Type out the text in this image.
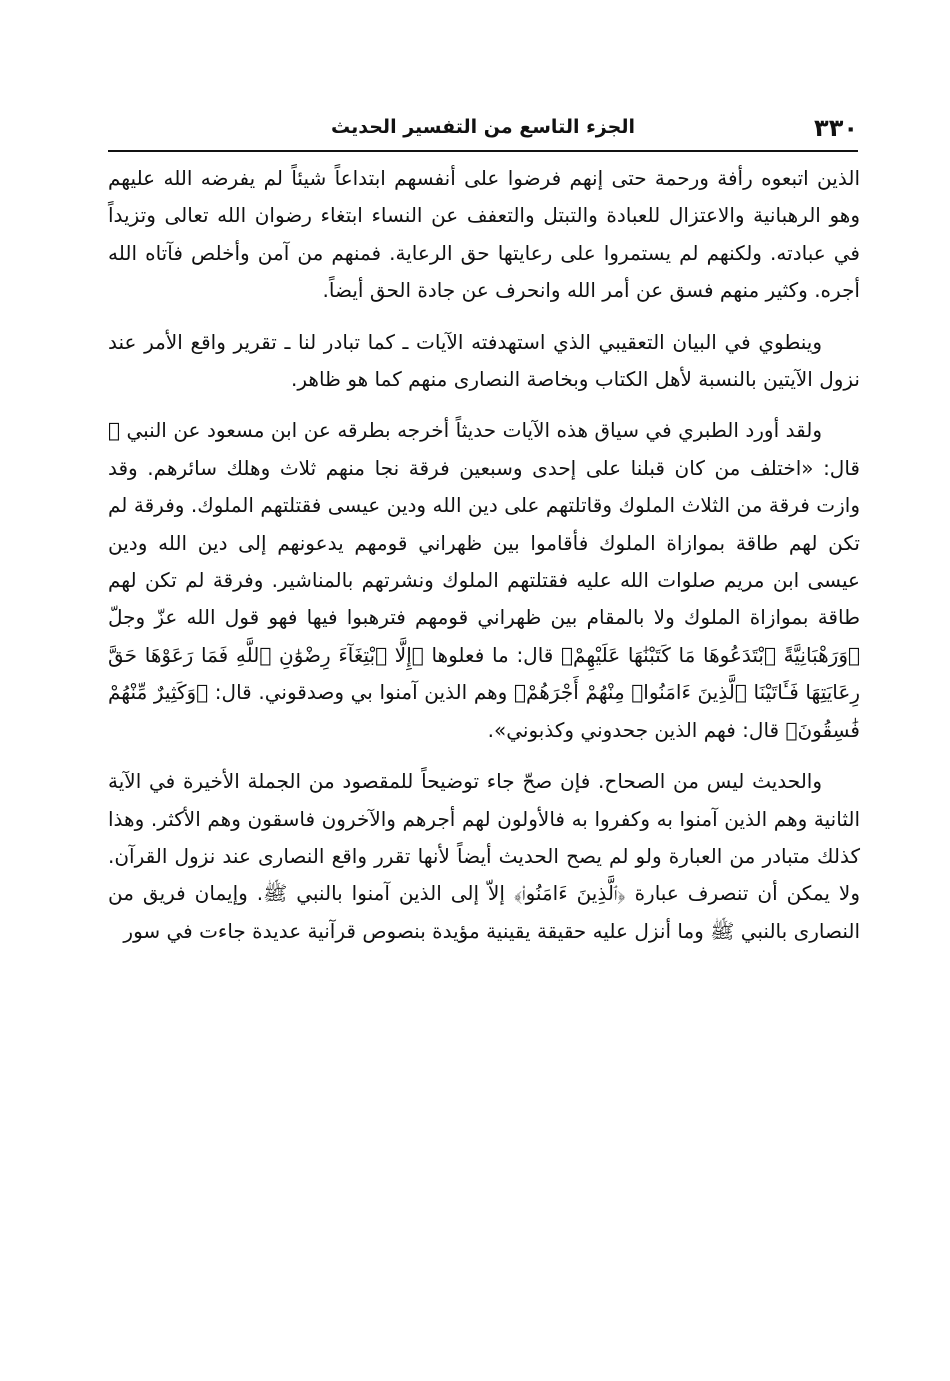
الجزء التاسع من التفسير الحديث	٣٣٠

الذين اتبعوه رأفة ورحمة حتى إنهم فرضوا على أنفسهم ابتداعاً شيئاً لم يفرضه الله عليهم وهو الرهبانية والاعتزال للعبادة والتبتل والتعفف عن النساء ابتغاء رضوان الله تعالى وتزيداً في عبادته. ولكنهم لم يستمروا على رعايتها حق الرعاية. فمنهم من آمن وأخلص فآتاه الله أجره. وكثير منهم فسق عن أمر الله وانحرف عن جادة الحق أيضاً.

وينطوي في البيان التعقيبي الذي استهدفته الآيات ـ كما تبادر لنا ـ تقرير واقع الأمر عند نزول الآيتين بالنسبة لأهل الكتاب وبخاصة النصارى منهم كما هو ظاهر.

ولقد أورد الطبري في سياق هذه الآيات حديثاً أخرجه بطرقه عن ابن مسعود عن النبي ﷺ قال: «اختلف من كان قبلنا على إحدى وسبعين فرقة نجا منهم ثلاث وهلك سائرهم. وقد وازت فرقة من الثلاث الملوك وقاتلتهم على دين الله ودين عيسى فقتلتهم الملوك. وفرقة لم تكن لهم طاقة بموازاة الملوك فأقاموا بين ظهراني قومهم يدعونهم إلى دين الله ودين عيسى ابن مريم صلوات الله عليه فقتلتهم الملوك ونشرتهم بالمناشير. وفرقة لم تكن لهم طاقة بموازاة الملوك ولا بالمقام بين ظهراني قومهم فترهبوا فيها فهو قول الله عزّ وجلّ ﴿وَرَهْبَانِيَّةً ٱبْتَدَعُوهَا مَا كَتَبْنَٰهَا عَلَيْهِمْ﴾ قال: ما فعلوها ﴿إِلَّا ٱبْتِغَآءَ رِضْوَٰنِ ٱللَّهِ فَمَا رَعَوْهَا حَقَّ رِعَايَتِهَا فَـَٔاتَيْنَا ٱلَّذِينَ ءَامَنُوا۟ مِنْهُمْ أَجْرَهُمْ﴾ وهم الذين آمنوا بي وصدقوني. قال: ﴿وَكَثِيرٌ مِّنْهُمْ فَٰسِقُونَ﴾ قال: فهم الذين جحدوني وكذبوني».

والحديث ليس من الصحاح. فإن صحّ جاء توضيحاً للمقصود من الجملة الأخيرة في الآية الثانية وهم الذين آمنوا به وكفروا به فالأولون لهم أجرهم والآخرون فاسقون وهم الأكثر. وهذا كذلك متبادر من العبارة ولو لم يصح الحديث أيضاً لأنها تقرر واقع النصارى عند نزول القرآن. ولا يمكن أن تنصرف عبارة ﴿ٱلَّذِينَ ءَامَنُوا۟﴾ إلاّ إلى الذين آمنوا بالنبي ﷺ. وإيمان فريق من النصارى بالنبي ﷺ وما أنزل عليه حقيقة يقينية مؤيدة بنصوص قرآنية عديدة جاءت في سور
